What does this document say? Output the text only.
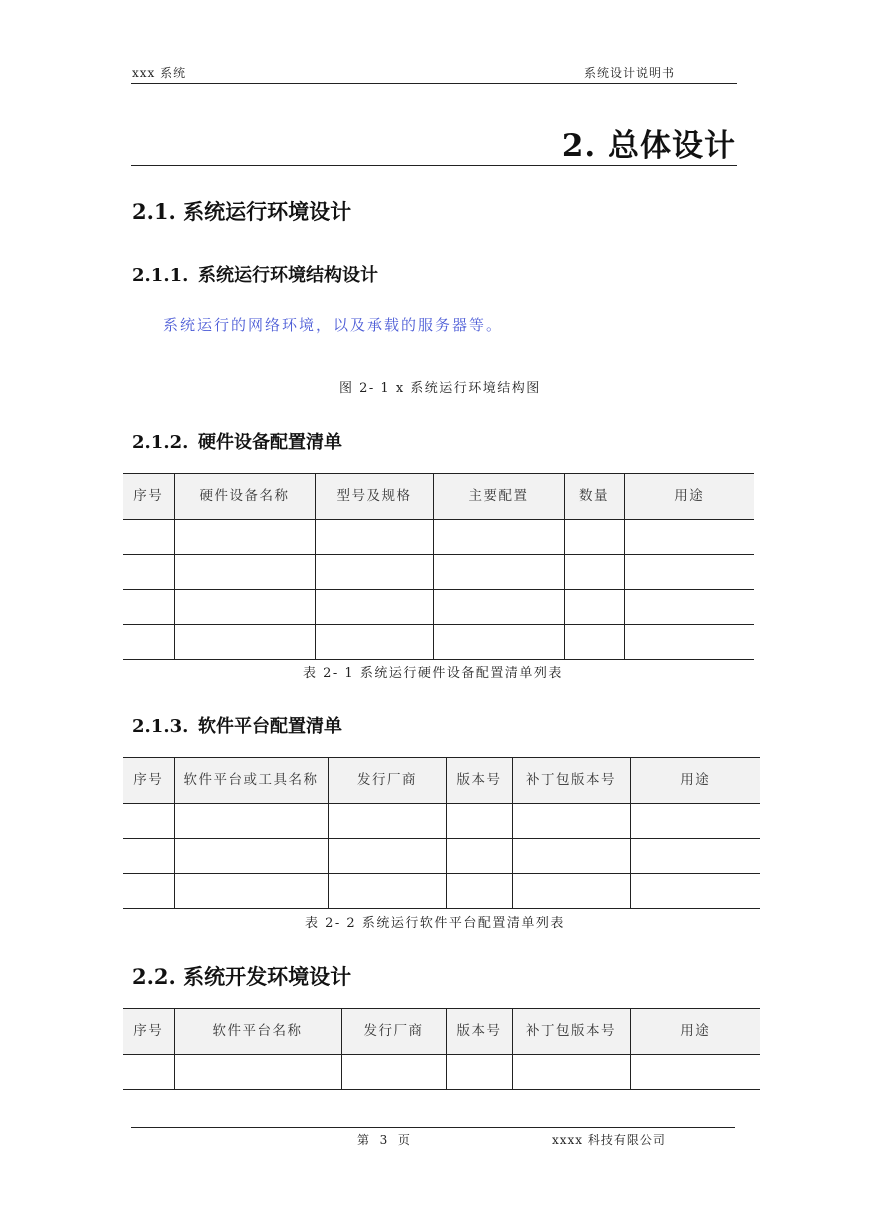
xxx 系统	系统设计说明书
2. 总体设计
2.1. 系统运行环境设计
2.1.1. 系统运行环境结构设计
系统运行的网络环境，以及承载的服务器等。
图 2- 1 x 系统运行环境结构图
2.1.2. 硬件设备配置清单
序号	硬件设备名称	型号及规格	主要配置	数量	用途

表 2- 1 系统运行硬件设备配置清单列表
2.1.3. 软件平台配置清单
序号	软件平台或工具名称	发行厂商	版本号	补丁包版本号	用途

表 2- 2 系统运行软件平台配置清单列表
2.2. 系统开发环境设计
序号	软件平台名称	发行厂商	版本号	补丁包版本号	用途

第  3  页	xxxx 科技有限公司
